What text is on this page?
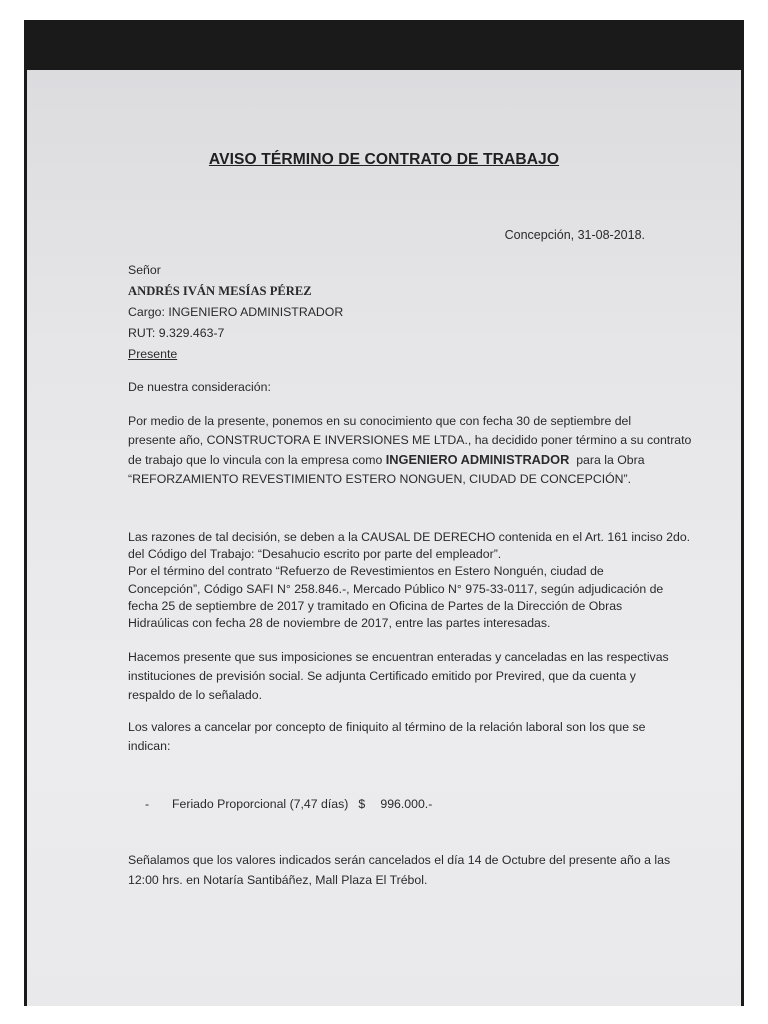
AVISO TÉRMINO DE CONTRATO DE TRABAJO
Concepción, 31-08-2018.
Señor
ANDRÉS IVÁN MESÍAS PÉREZ
Cargo: INGENIERO ADMINISTRADOR
RUT: 9.329.463-7
Presente
De nuestra consideración:
Por medio de la presente, ponemos en su conocimiento que con fecha 30 de septiembre del
presente año, CONSTRUCTORA E INVERSIONES ME LTDA., ha decidido poner término a su contrato
de trabajo que lo vincula con la empresa como INGENIERO ADMINISTRADOR  para la Obra
“REFORZAMIENTO REVESTIMIENTO ESTERO NONGUEN, CIUDAD DE CONCEPCIÓN”.
Las razones de tal decisión, se deben a la CAUSAL DE DERECHO contenida en el Art. 161 inciso 2do.
del Código del Trabajo: “Desahucio escrito por parte del empleador”.
Por el término del contrato “Refuerzo de Revestimientos en Estero Nonguén, ciudad de
Concepción”, Código SAFI N° 258.846.-, Mercado Público N° 975-33-0117, según adjudicación de
fecha 25 de septiembre de 2017 y tramitado en Oficina de Partes de la Dirección de Obras
Hidraúlicas con fecha 28 de noviembre de 2017, entre las partes interesadas.
Hacemos presente que sus imposiciones se encuentran enteradas y canceladas en las respectivas
instituciones de previsión social. Se adjunta Certificado emitido por Previred, que da cuenta y
respaldo de lo señalado.
Los valores a cancelar por concepto de finiquito al término de la relación laboral son los que se
indican:
- Feriado Proporcional (7,47 días) $ 996.000.-
Señalamos que los valores indicados serán cancelados el día 14 de Octubre del presente año a las
12:00 hrs. en Notaría Santibáñez, Mall Plaza El Trébol.
